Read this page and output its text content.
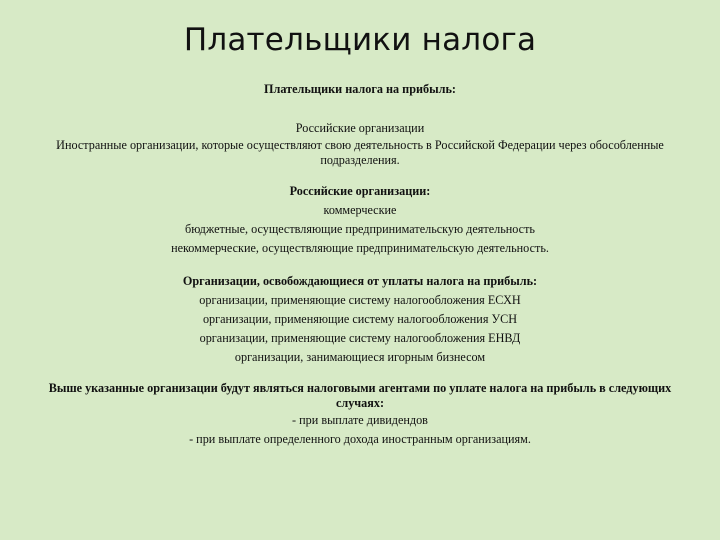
Плательщики налога
Плательщики налога на прибыль:
Российские организации
Иностранные организации, которые осуществляют свою деятельность в Российской Федерации через обособленные подразделения.
Российские организации:
коммерческие
бюджетные, осуществляющие предпринимательскую деятельность
некоммерческие, осуществляющие предпринимательскую деятельность.
Организации, освобождающиеся от уплаты налога на прибыль:
организации, применяющие систему налогообложения ЕСХН
организации, применяющие систему налогообложения УСН
организации, применяющие систему налогообложения ЕНВД
организации, занимающиеся игорным бизнесом
Выше указанные организации будут являться налоговыми агентами по уплате налога на прибыль в следующих случаях:
- при выплате дивидендов
- при выплате определенного дохода иностранным организациям.
